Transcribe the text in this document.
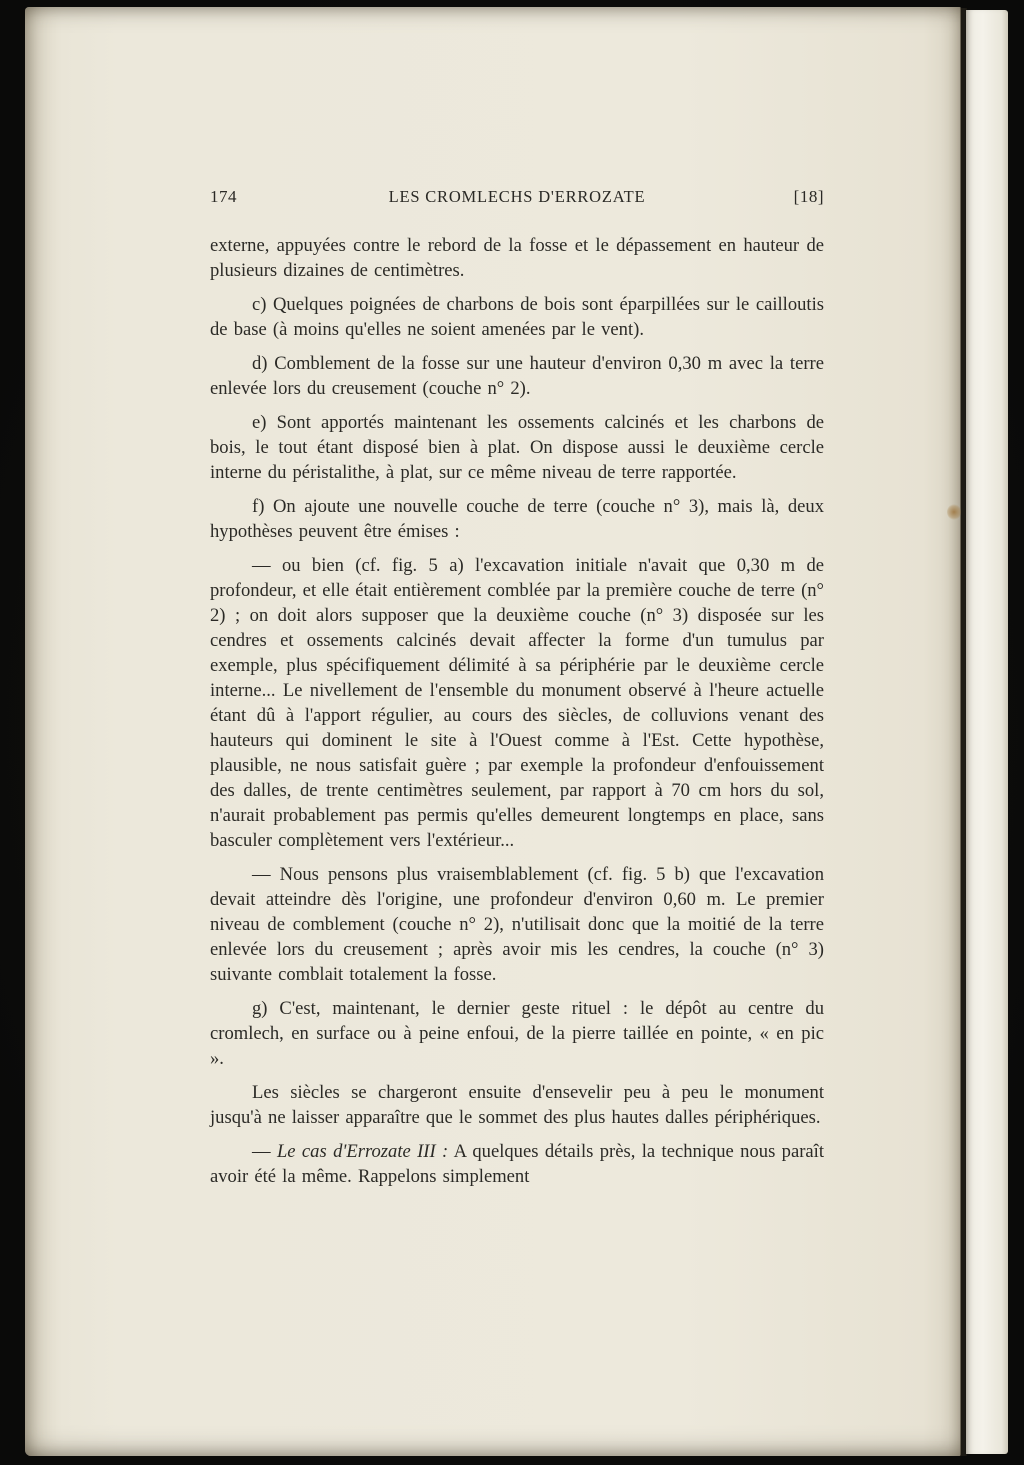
174	LES CROMLECHS D'ERROZATE	[18]

externe, appuyées contre le rebord de la fosse et le dépassement en hauteur de plusieurs dizaines de centimètres.

c) Quelques poignées de charbons de bois sont éparpillées sur le cailloutis de base (à moins qu'elles ne soient amenées par le vent).

d) Comblement de la fosse sur une hauteur d'environ 0,30 m avec la terre enlevée lors du creusement (couche n° 2).

e) Sont apportés maintenant les ossements calcinés et les charbons de bois, le tout étant disposé bien à plat. On dispose aussi le deuxième cercle interne du péristalithe, à plat, sur ce même niveau de terre rapportée.

f) On ajoute une nouvelle couche de terre (couche n° 3), mais là, deux hypothèses peuvent être émises :

— ou bien (cf. fig. 5 a) l'excavation initiale n'avait que 0,30 m de profondeur, et elle était entièrement comblée par la première couche de terre (n° 2) ; on doit alors supposer que la deuxième couche (n° 3) disposée sur les cendres et ossements calcinés devait affecter la forme d'un tumulus par exemple, plus spécifiquement délimité à sa périphérie par le deuxième cercle interne... Le nivellement de l'ensemble du monument observé à l'heure actuelle étant dû à l'apport régulier, au cours des siècles, de colluvions venant des hauteurs qui dominent le site à l'Ouest comme à l'Est. Cette hypothèse, plausible, ne nous satisfait guère ; par exemple la profondeur d'enfouissement des dalles, de trente centimètres seulement, par rapport à 70 cm hors du sol, n'aurait probablement pas permis qu'elles demeurent longtemps en place, sans basculer complètement vers l'extérieur...

— Nous pensons plus vraisemblablement (cf. fig. 5 b) que l'excavation devait atteindre dès l'origine, une profondeur d'environ 0,60 m. Le premier niveau de comblement (couche n° 2), n'utilisait donc que la moitié de la terre enlevée lors du creusement ; après avoir mis les cendres, la couche (n° 3) suivante comblait totalement la fosse.

g) C'est, maintenant, le dernier geste rituel : le dépôt au centre du cromlech, en surface ou à peine enfoui, de la pierre taillée en pointe, « en pic ».

Les siècles se chargeront ensuite d'ensevelir peu à peu le monument jusqu'à ne laisser apparaître que le sommet des plus hautes dalles périphériques.

— Le cas d'Errozate III : A quelques détails près, la technique nous paraît avoir été la même. Rappelons simplement
